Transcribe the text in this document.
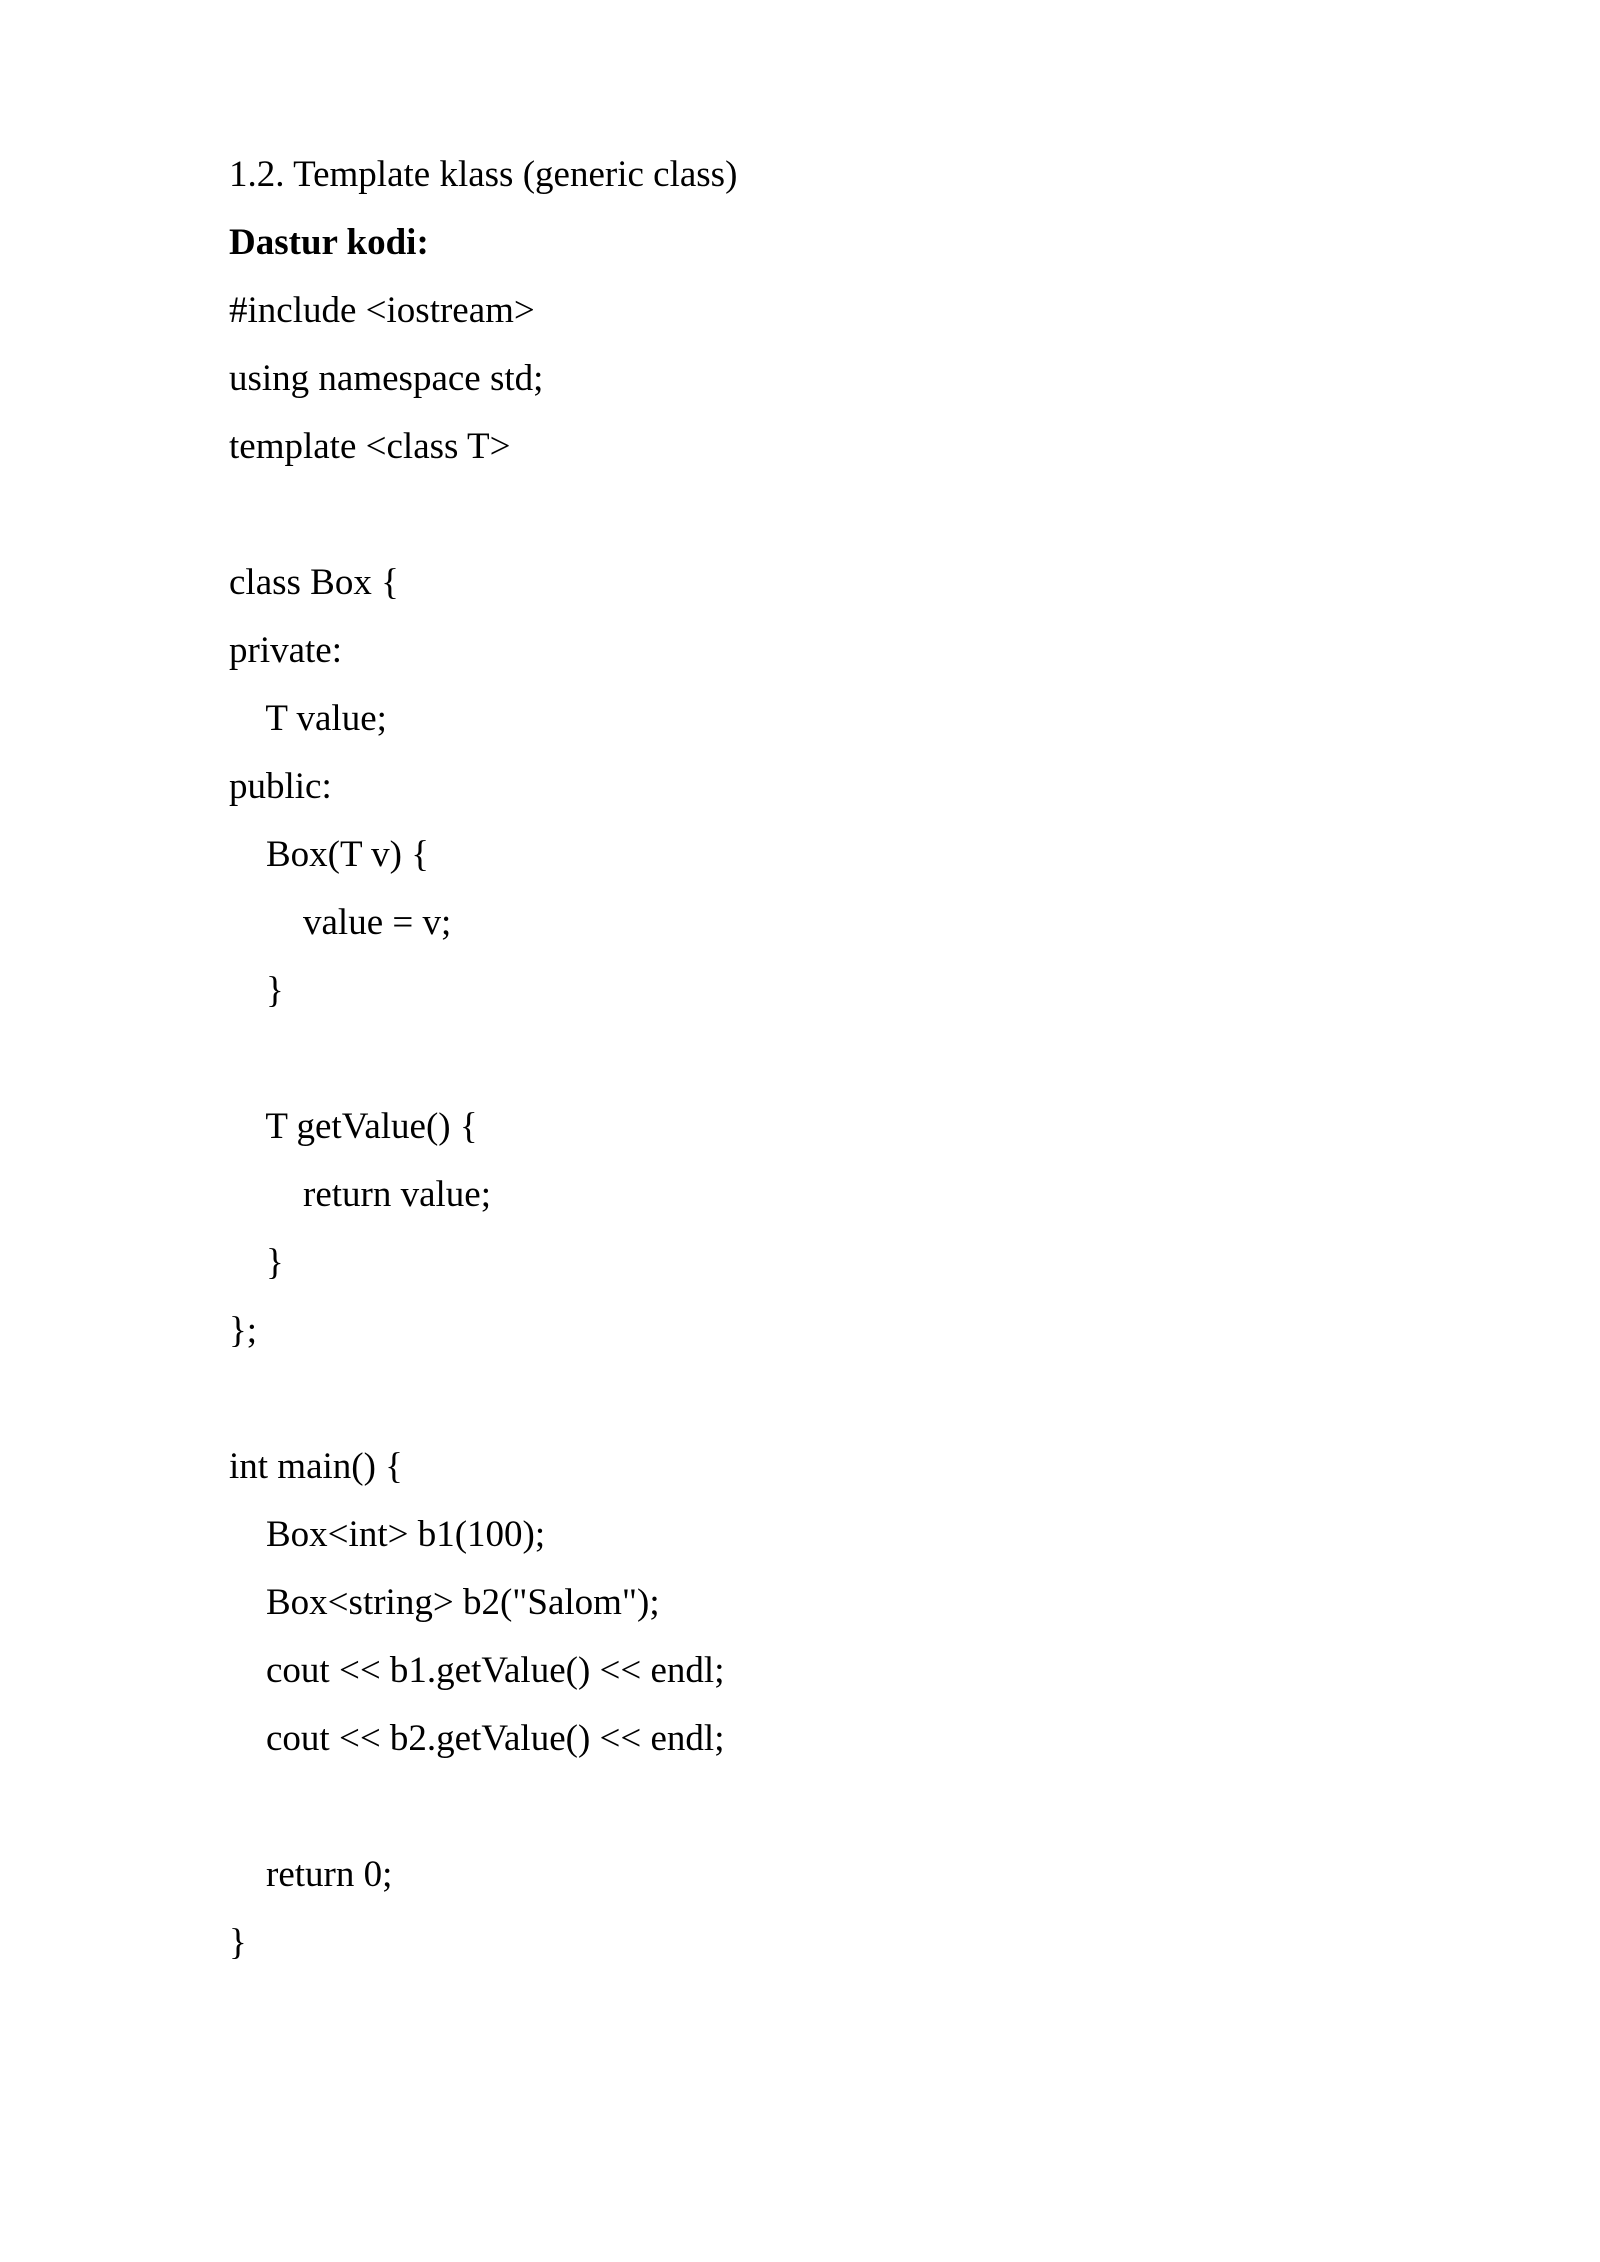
1.2. Template klass (generic class)
Dastur kodi:
#include <iostream>
using namespace std;
template <class T>
class Box {
private:
T value;
public:
Box(T v) {
value = v;
}
T getValue() {
return value;
}
};
int main() {
Box<int> b1(100);
Box<string> b2("Salom");
cout << b1.getValue() << endl;
cout << b2.getValue() << endl;
return 0;
}
